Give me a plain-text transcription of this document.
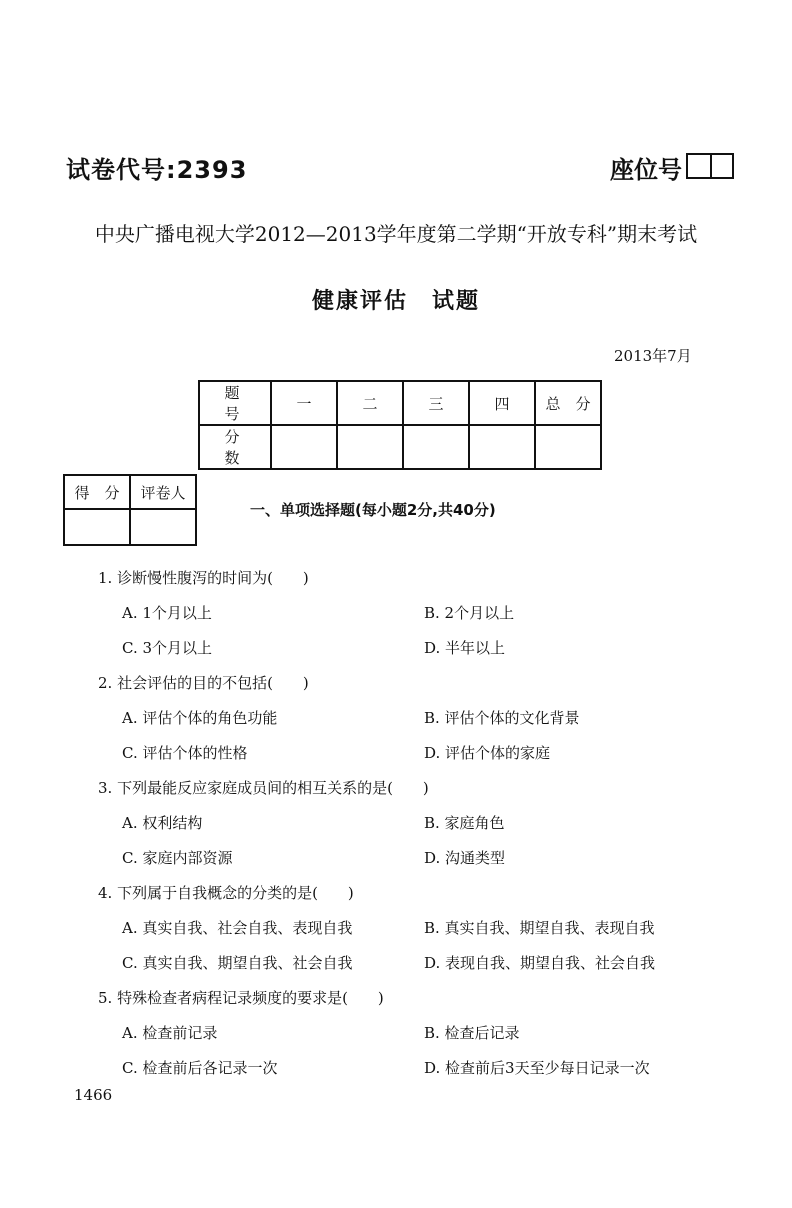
试卷代号:2393	座位号
中央广播电视大学2012—2013学年度第二学期“开放专科”期末考试
健康评估　试题
2013年7月
题　号	一	二	三	四	总　分
分　数					
得　分	评卷人

一、单项选择题(每小题2分,共40分)
1. 诊断慢性腹泻的时间为(　　)
A. 1个月以上	B. 2个月以上
C. 3个月以上	D. 半年以上
2. 社会评估的目的不包括(　　)
A. 评估个体的角色功能	B. 评估个体的文化背景
C. 评估个体的性格	D. 评估个体的家庭
3. 下列最能反应家庭成员间的相互关系的是(　　)
A. 权利结构	B. 家庭角色
C. 家庭内部资源	D. 沟通类型
4. 下列属于自我概念的分类的是(　　)
A. 真实自我、社会自我、表现自我	B. 真实自我、期望自我、表现自我
C. 真实自我、期望自我、社会自我	D. 表现自我、期望自我、社会自我
5. 特殊检查者病程记录频度的要求是(　　)
A. 检查前记录	B. 检查后记录
C. 检查前后各记录一次	D. 检查前后3天至少每日记录一次
1466
